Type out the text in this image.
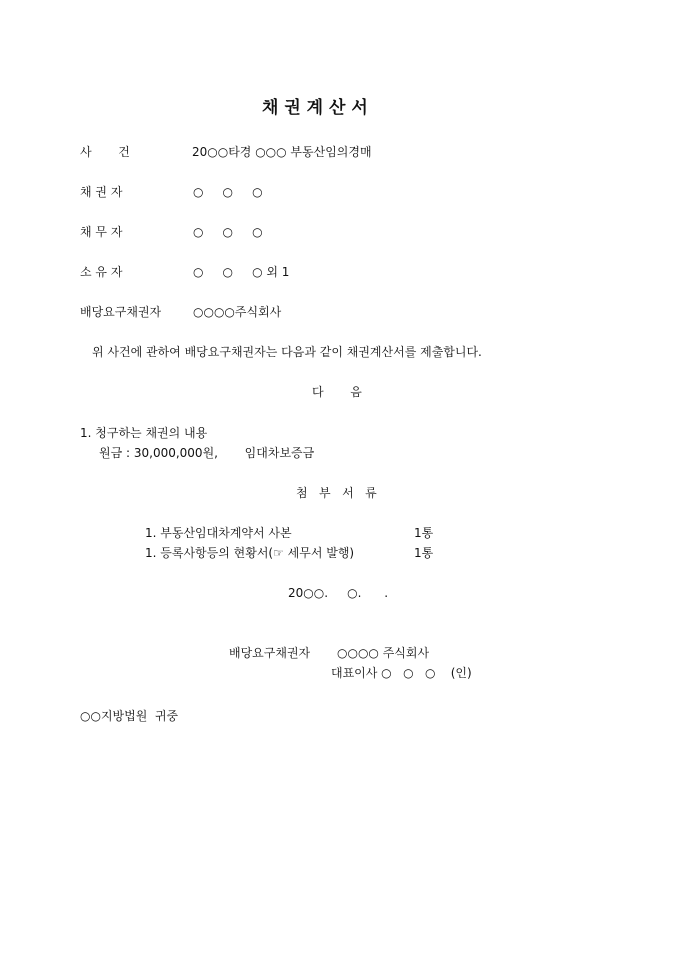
채 권 계 산 서
사       건	20○○타경 ○○○ 부동산임의경매
채 권 자	○     ○     ○
채 무 자	○     ○     ○
소 유 자	○     ○     ○ 외 1
배당요구채권자	○○○○주식회사
위 사건에 관하여 배당요구채권자는 다음과 같이 채권계산서를 제출합니다.
다       음
1. 청구하는 채권의 내용
원금 : 30,000,000원,       임대차보증금
첨   부   서   류
1. 부동산임대차계약서 사본	1통
1. 등록사항등의 현황서(☞ 세무서 발행)	1통
20○○.     ○.      .
배당요구채권자 ○○○○ 주식회사
대표이사 ○   ○   ○    (인)
○○지방법원  귀중
